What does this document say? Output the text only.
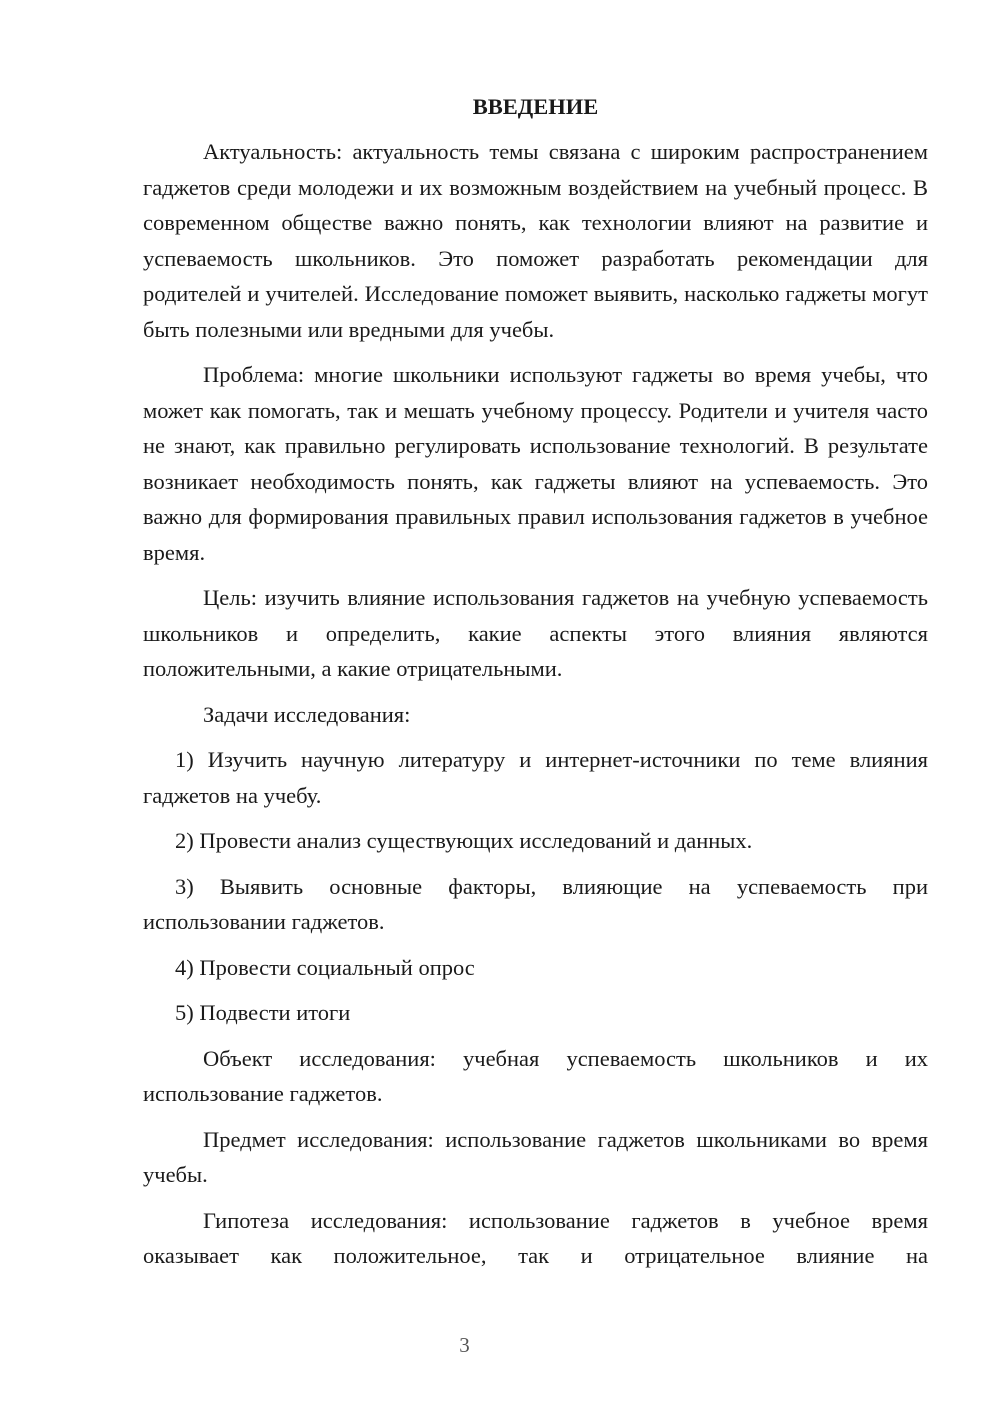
ВВЕДЕНИЕ

Актуальность: актуальность темы связана с широким распространением гаджетов среди молодежи и их возможным воздействием на учебный процесс. В современном обществе важно понять, как технологии влияют на развитие и успеваемость школьников. Это поможет разработать рекомендации для родителей и учителей. Исследование поможет выявить, насколько гаджеты могут быть полезными или вредными для учебы.

Проблема: многие школьники используют гаджеты во время учебы, что может как помогать, так и мешать учебному процессу. Родители и учителя часто не знают, как правильно регулировать использование технологий. В результате возникает необходимость понять, как гаджеты влияют на успеваемость. Это важно для формирования правильных правил использования гаджетов в учебное время.

Цель: изучить влияние использования гаджетов на учебную успеваемость школьников и определить, какие аспекты этого влияния являются положительными, а какие отрицательными.

Задачи исследования:

1) Изучить научную литературу и интернет-источники по теме влияния гаджетов на учебу.

2) Провести анализ существующих исследований и данных.

3) Выявить основные факторы, влияющие на успеваемость при использовании гаджетов.

4) Провести социальный опрос

5) Подвести итоги

Объект исследования: учебная успеваемость школьников и их использование гаджетов.

Предмет исследования: использование гаджетов школьниками во время учебы.

Гипотеза исследования: использование гаджетов в учебное время оказывает как положительное, так и отрицательное влияние на

3
